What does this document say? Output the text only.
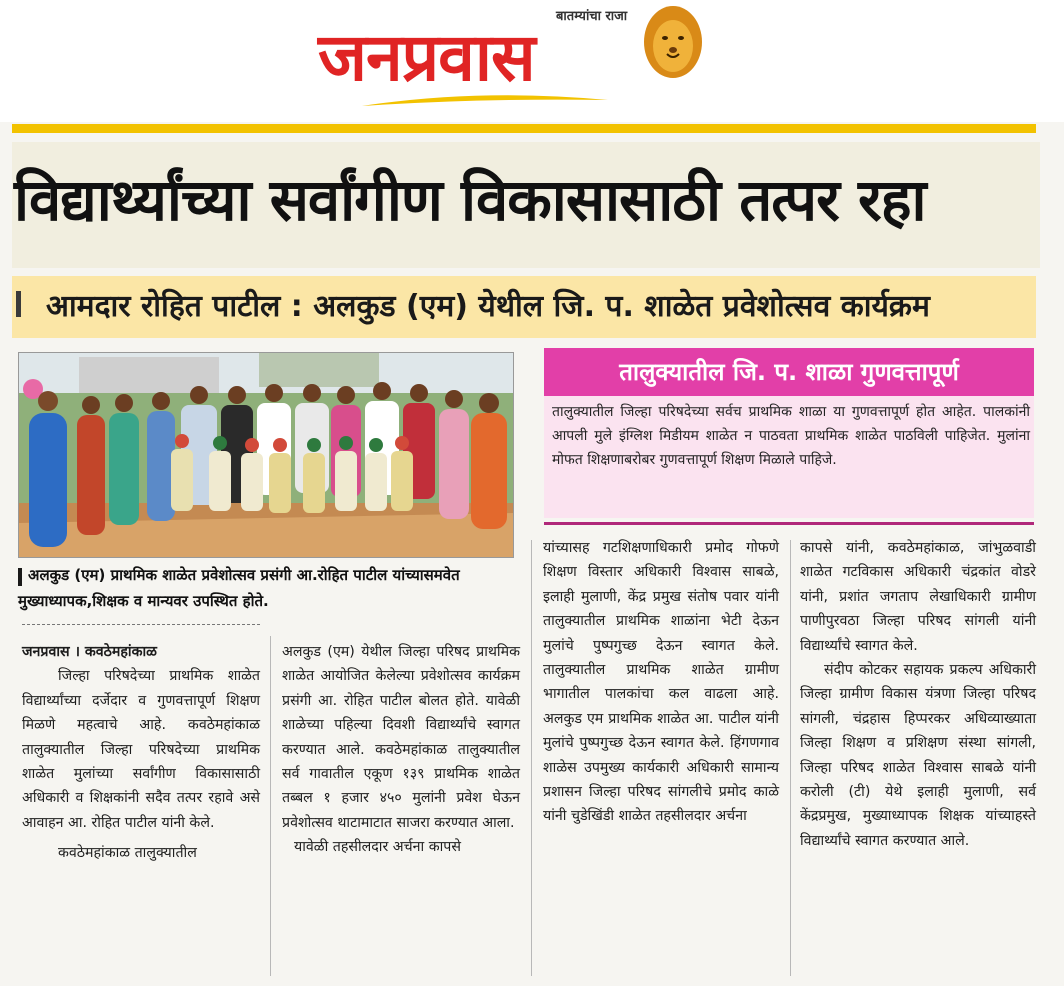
बातम्यांचा राजा
जनप्रवास
विद्यार्थ्यांच्या सर्वांगीण विकासासाठी तत्पर रहा
आमदार रोहित पाटील : अलकुड (एम) येथील जि. प. शाळेत प्रवेशोत्सव कार्यक्रम
अलकुड (एम) प्राथमिक शाळेत प्रवेशोत्सव प्रसंगी आ.रोहित पाटील यांच्यासमवेत मुख्याध्यापक,शिक्षक व मान्यवर उपस्थित होते.
तालुक्यातील जि. प. शाळा गुणवत्तापूर्ण
तालुक्यातील जिल्हा परिषदेच्या सर्वच प्राथमिक शाळा या गुणवत्तापूर्ण होत आहेत. पालकांनी आपली मुले इंग्लिश मिडीयम शाळेत न पाठवता प्राथमिक शाळेत पाठविली पाहिजेत. मुलांना मोफत शिक्षणाबरोबर गुणवत्तापूर्ण शिक्षण मिळाले पाहिजे.

जनप्रवास । कवठेमहांकाळ

जिल्हा परिषदेच्या प्राथमिक शाळेत विद्यार्थ्यांच्या दर्जेदार व गुणवत्तापूर्ण शिक्षण मिळणे महत्वाचे आहे. कवठेमहांकाळ तालुक्यातील जिल्हा परिषदेच्या प्राथमिक शाळेत मुलांच्या सर्वांगीण विकासासाठी अधिकारी व शिक्षकांनी सदैव तत्पर रहावे असे आवाहन आ. रोहित पाटील यांनी केले.

कवठेमहांकाळ तालुक्यातील

अलकुड (एम) येथील जिल्हा परिषद प्राथमिक शाळेत आयोजित केलेल्या प्रवेशोत्सव कार्यक्रम प्रसंगी आ. रोहित पाटील बोलत होते. यावेळी शाळेच्या पहिल्या दिवशी विद्यार्थ्यांचे स्वागत करण्यात आले. कवठेमहांकाळ तालुक्यातील सर्व गावातील एकूण १३९ प्राथमिक शाळेत तब्बल १ हजार ४५० मुलांनी प्रवेश घेऊन प्रवेशोत्सव थाटामाटात साजरा करण्यात आला.

यावेळी तहसीलदार अर्चना कापसे

यांच्यासह गटशिक्षणाधिकारी प्रमोद गोफणे शिक्षण विस्तार अधिकारी विश्वास साबळे, इलाही मुलाणी, केंद्र प्रमुख संतोष पवार यांनी तालुक्यातील प्राथमिक शाळांना भेटी देऊन मुलांचे पुष्पगुच्छ देऊन स्वागत केले. तालुक्यातील प्राथमिक शाळेत ग्रामीण भागातील पालकांचा कल वाढला आहे. अलकुड एम प्राथमिक शाळेत आ. पाटील यांनी मुलांचे पुष्पगुच्छ देऊन स्वागत केले. हिंगणगाव शाळेस उपमुख्य कार्यकारी अधिकारी सामान्य प्रशासन जिल्हा परिषद सांगलीचे प्रमोद काळे यांनी चुडेखिंडी शाळेत तहसीलदार अर्चना

कापसे यांनी, कवठेमहांकाळ, जांभुळवाडी शाळेत गटविकास अधिकारी चंद्रकांत वोडरे यांनी, प्रशांत जगताप लेखाधिकारी ग्रामीण पाणीपुरवठा जिल्हा परिषद सांगली यांनी विद्यार्थ्यांचे स्वागत केले.

संदीप कोटकर सहायक प्रकल्प अधिकारी जिल्हा ग्रामीण विकास यंत्रणा जिल्हा परिषद सांगली, चंद्रहास हिप्परकर अधिव्याख्याता जिल्हा शिक्षण व प्रशिक्षण संस्था सांगली, जिल्हा परिषद शाळेत विश्वास साबळे यांनी करोली (टी) येथे इलाही मुलाणी, सर्व केंद्रप्रमुख, मुख्याध्यापक शिक्षक यांच्याहस्ते विद्यार्थ्यांचे स्वागत करण्यात आले.
